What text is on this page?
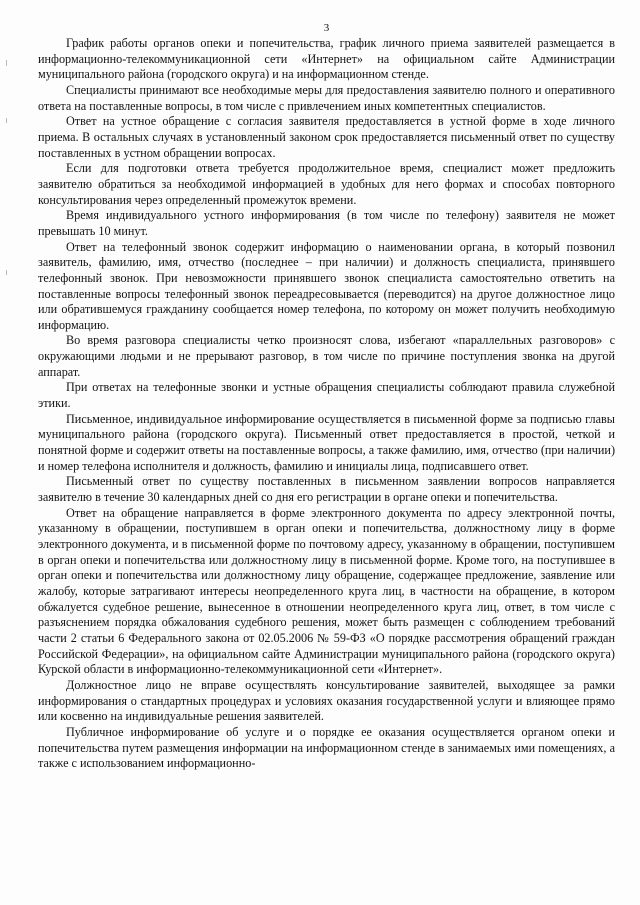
3

График работы органов опеки и попечительства, график личного приема заявителей размещается в информационно-телекоммуникационной сети «Интернет» на официальном сайте Администрации муниципального района (городского округа) и на информационном стенде.

Специалисты принимают все необходимые меры для предоставления заявителю полного и оперативного ответа на поставленные вопросы, в том числе с привлечением иных компетентных специалистов.

Ответ на устное обращение с согласия заявителя предоставляется в устной форме в ходе личного приема. В остальных случаях в установленный законом срок предоставляется письменный ответ по существу поставленных в устном обращении вопросах.

Если для подготовки ответа требуется продолжительное время, специалист может предложить заявителю обратиться за необходимой информацией в удобных для него формах и способах повторного консультирования через определенный промежуток времени.

Время индивидуального устного информирования (в том числе по телефону) заявителя не может превышать 10 минут.

Ответ на телефонный звонок содержит информацию о наименовании органа, в который позвонил заявитель, фамилию, имя, отчество (последнее – при наличии) и должность специалиста, принявшего телефонный звонок. При невозможности принявшего звонок специалиста самостоятельно ответить на поставленные вопросы телефонный звонок переадресовывается (переводится) на другое должностное лицо или обратившемуся гражданину сообщается номер телефона, по которому он может получить необходимую информацию.

Во время разговора специалисты четко произносят слова, избегают «параллельных разговоров» с окружающими людьми и не прерывают разговор, в том числе по причине поступления звонка на другой аппарат.

При ответах на телефонные звонки и устные обращения специалисты соблюдают правила служебной этики.

Письменное, индивидуальное информирование осуществляется в письменной форме за подписью главы муниципального района (городского округа). Письменный ответ предоставляется в простой, четкой и понятной форме и содержит ответы на поставленные вопросы, а также фамилию, имя, отчество (при наличии) и номер телефона исполнителя и должность, фамилию и инициалы лица, подписавшего ответ.

Письменный ответ по существу поставленных в письменном заявлении вопросов направляется заявителю в течение 30 календарных дней со дня его регистрации в органе опеки и попечительства.

Ответ на обращение направляется в форме электронного документа по адресу электронной почты, указанному в обращении, поступившем в орган опеки и попечительства, должностному лицу в форме электронного документа, и в письменной форме по почтовому адресу, указанному в обращении, поступившем в орган опеки и попечительства или должностному лицу в письменной форме. Кроме того, на поступившее в орган опеки и попечительства или должностному лицу обращение, содержащее предложение, заявление или жалобу, которые затрагивают интересы неопределенного круга лиц, в частности на обращение, в котором обжалуется судебное решение, вынесенное в отношении неопределенного круга лиц, ответ, в том числе с разъяснением порядка обжалования судебного решения, может быть размещен с соблюдением требований части 2 статьи 6 Федерального закона от 02.05.2006 № 59-ФЗ «О порядке рассмотрения обращений граждан Российской Федерации», на официальном сайте Администрации муниципального района (городского округа) Курской области в информационно-телекоммуникационной сети «Интернет».

Должностное лицо не вправе осуществлять консультирование заявителей, выходящее за рамки информирования о стандартных процедурах и условиях оказания государственной услуги и влияющее прямо или косвенно на индивидуальные решения заявителей.

Публичное информирование об услуге и о порядке ее оказания осуществляется органом опеки и попечительства путем размещения информации на информационном стенде в занимаемых ими помещениях, а также с использованием информационно-
